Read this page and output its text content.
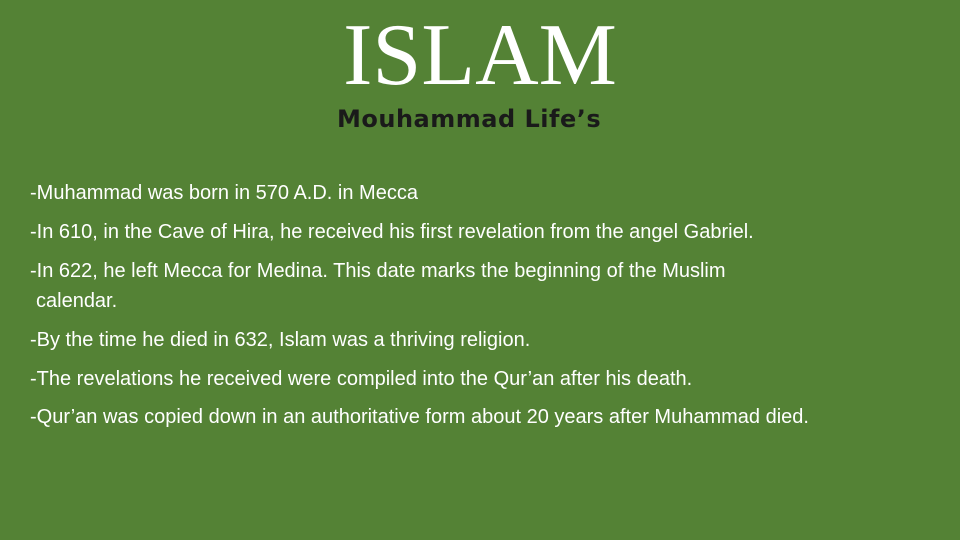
ISLAM
Mouhammad Life’s

-Muhammad was born in 570 A.D. in Mecca

-In 610, in the Cave of Hira, he received his first revelation from the angel Gabriel.

-In 622, he left Mecca for Medina. This date marks the beginning of the Muslim

calendar.

-By the time he died in 632, Islam was a thriving religion.

-The revelations he received were compiled into the Qur’an after his death.

-Qur’an was copied down in an authoritative form about 20 years after Muhammad died.
